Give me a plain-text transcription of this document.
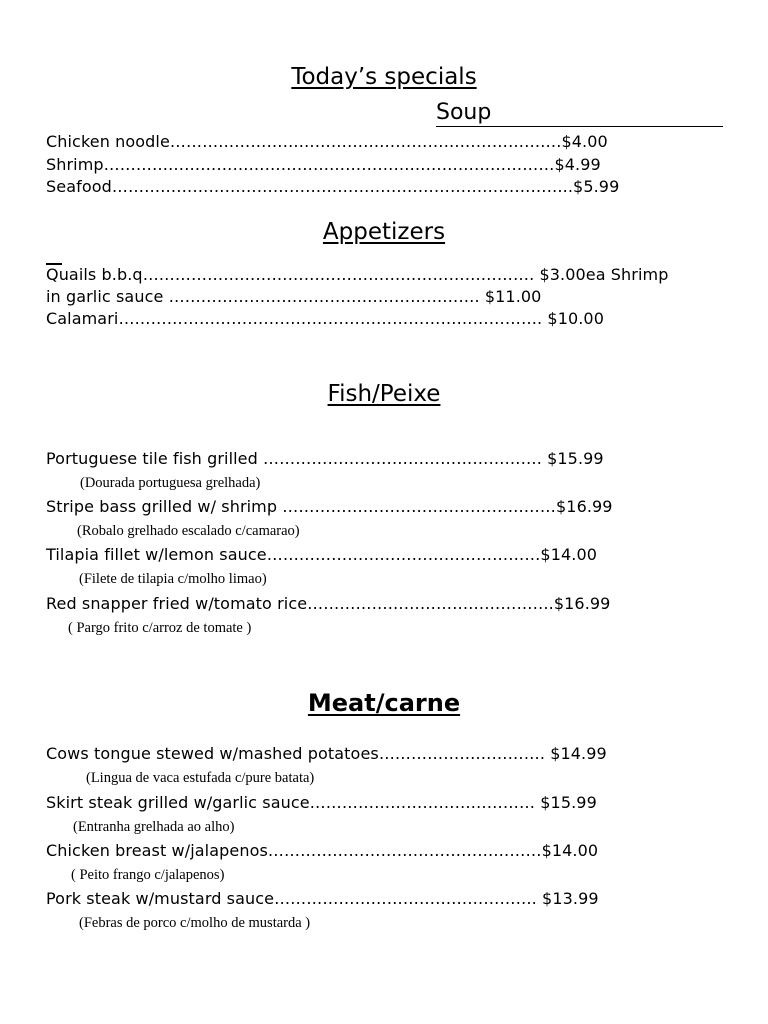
Today’s specials
Soup
Chicken noodle……………………………………………………………….$4.00
Shrimp…………………………………………………………………………$4.99
Seafood…………………………………………………………………………..$5.99
Appetizers
Quails b.b.q………………………………………………………………. $3.00ea Shrimp
in garlic sauce …………………………………………………. $11.00
Calamari……………………………………………………………………. $10.00
Fish/Peixe
Portuguese tile fish grilled ……………………………………………. $15.99
(Dourada portuguesa grelhada)
Stripe bass grilled w/ shrimp ……………………………………………$16.99
(Robalo grelhado escalado c/camarao)
Tilapia fillet w/lemon sauce……………………………………………$14.00
(Filete de tilapia c/molho limao)
Red snapper fried w/tomato rice……………………………………….$16.99
( Pargo frito c/arroz de tomate )
Meat/carne
Cows tongue stewed w/mashed potatoes…………………………. $14.99
(Lingua de vaca estufada c/pure batata)
Skirt steak grilled w/garlic sauce…………………………………… $15.99
(Entranha grelhada ao alho)
Chicken breast w/jalapenos……………………………………………$14.00
( Peito frango c/jalapenos)
Pork steak w/mustard sauce…………………………………………. $13.99
(Febras de porco c/molho de mustarda )
